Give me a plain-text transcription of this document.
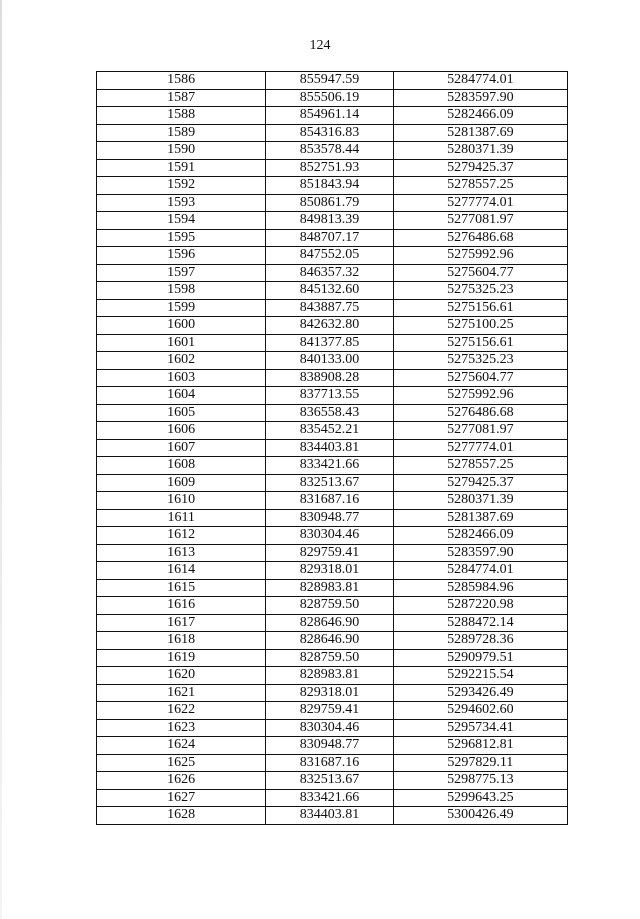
124
1586	855947.59	5284774.01
1587	855506.19	5283597.90
1588	854961.14	5282466.09
1589	854316.83	5281387.69
1590	853578.44	5280371.39
1591	852751.93	5279425.37
1592	851843.94	5278557.25
1593	850861.79	5277774.01
1594	849813.39	5277081.97
1595	848707.17	5276486.68
1596	847552.05	5275992.96
1597	846357.32	5275604.77
1598	845132.60	5275325.23
1599	843887.75	5275156.61
1600	842632.80	5275100.25
1601	841377.85	5275156.61
1602	840133.00	5275325.23
1603	838908.28	5275604.77
1604	837713.55	5275992.96
1605	836558.43	5276486.68
1606	835452.21	5277081.97
1607	834403.81	5277774.01
1608	833421.66	5278557.25
1609	832513.67	5279425.37
1610	831687.16	5280371.39
1611	830948.77	5281387.69
1612	830304.46	5282466.09
1613	829759.41	5283597.90
1614	829318.01	5284774.01
1615	828983.81	5285984.96
1616	828759.50	5287220.98
1617	828646.90	5288472.14
1618	828646.90	5289728.36
1619	828759.50	5290979.51
1620	828983.81	5292215.54
1621	829318.01	5293426.49
1622	829759.41	5294602.60
1623	830304.46	5295734.41
1624	830948.77	5296812.81
1625	831687.16	5297829.11
1626	832513.67	5298775.13
1627	833421.66	5299643.25
1628	834403.81	5300426.49
